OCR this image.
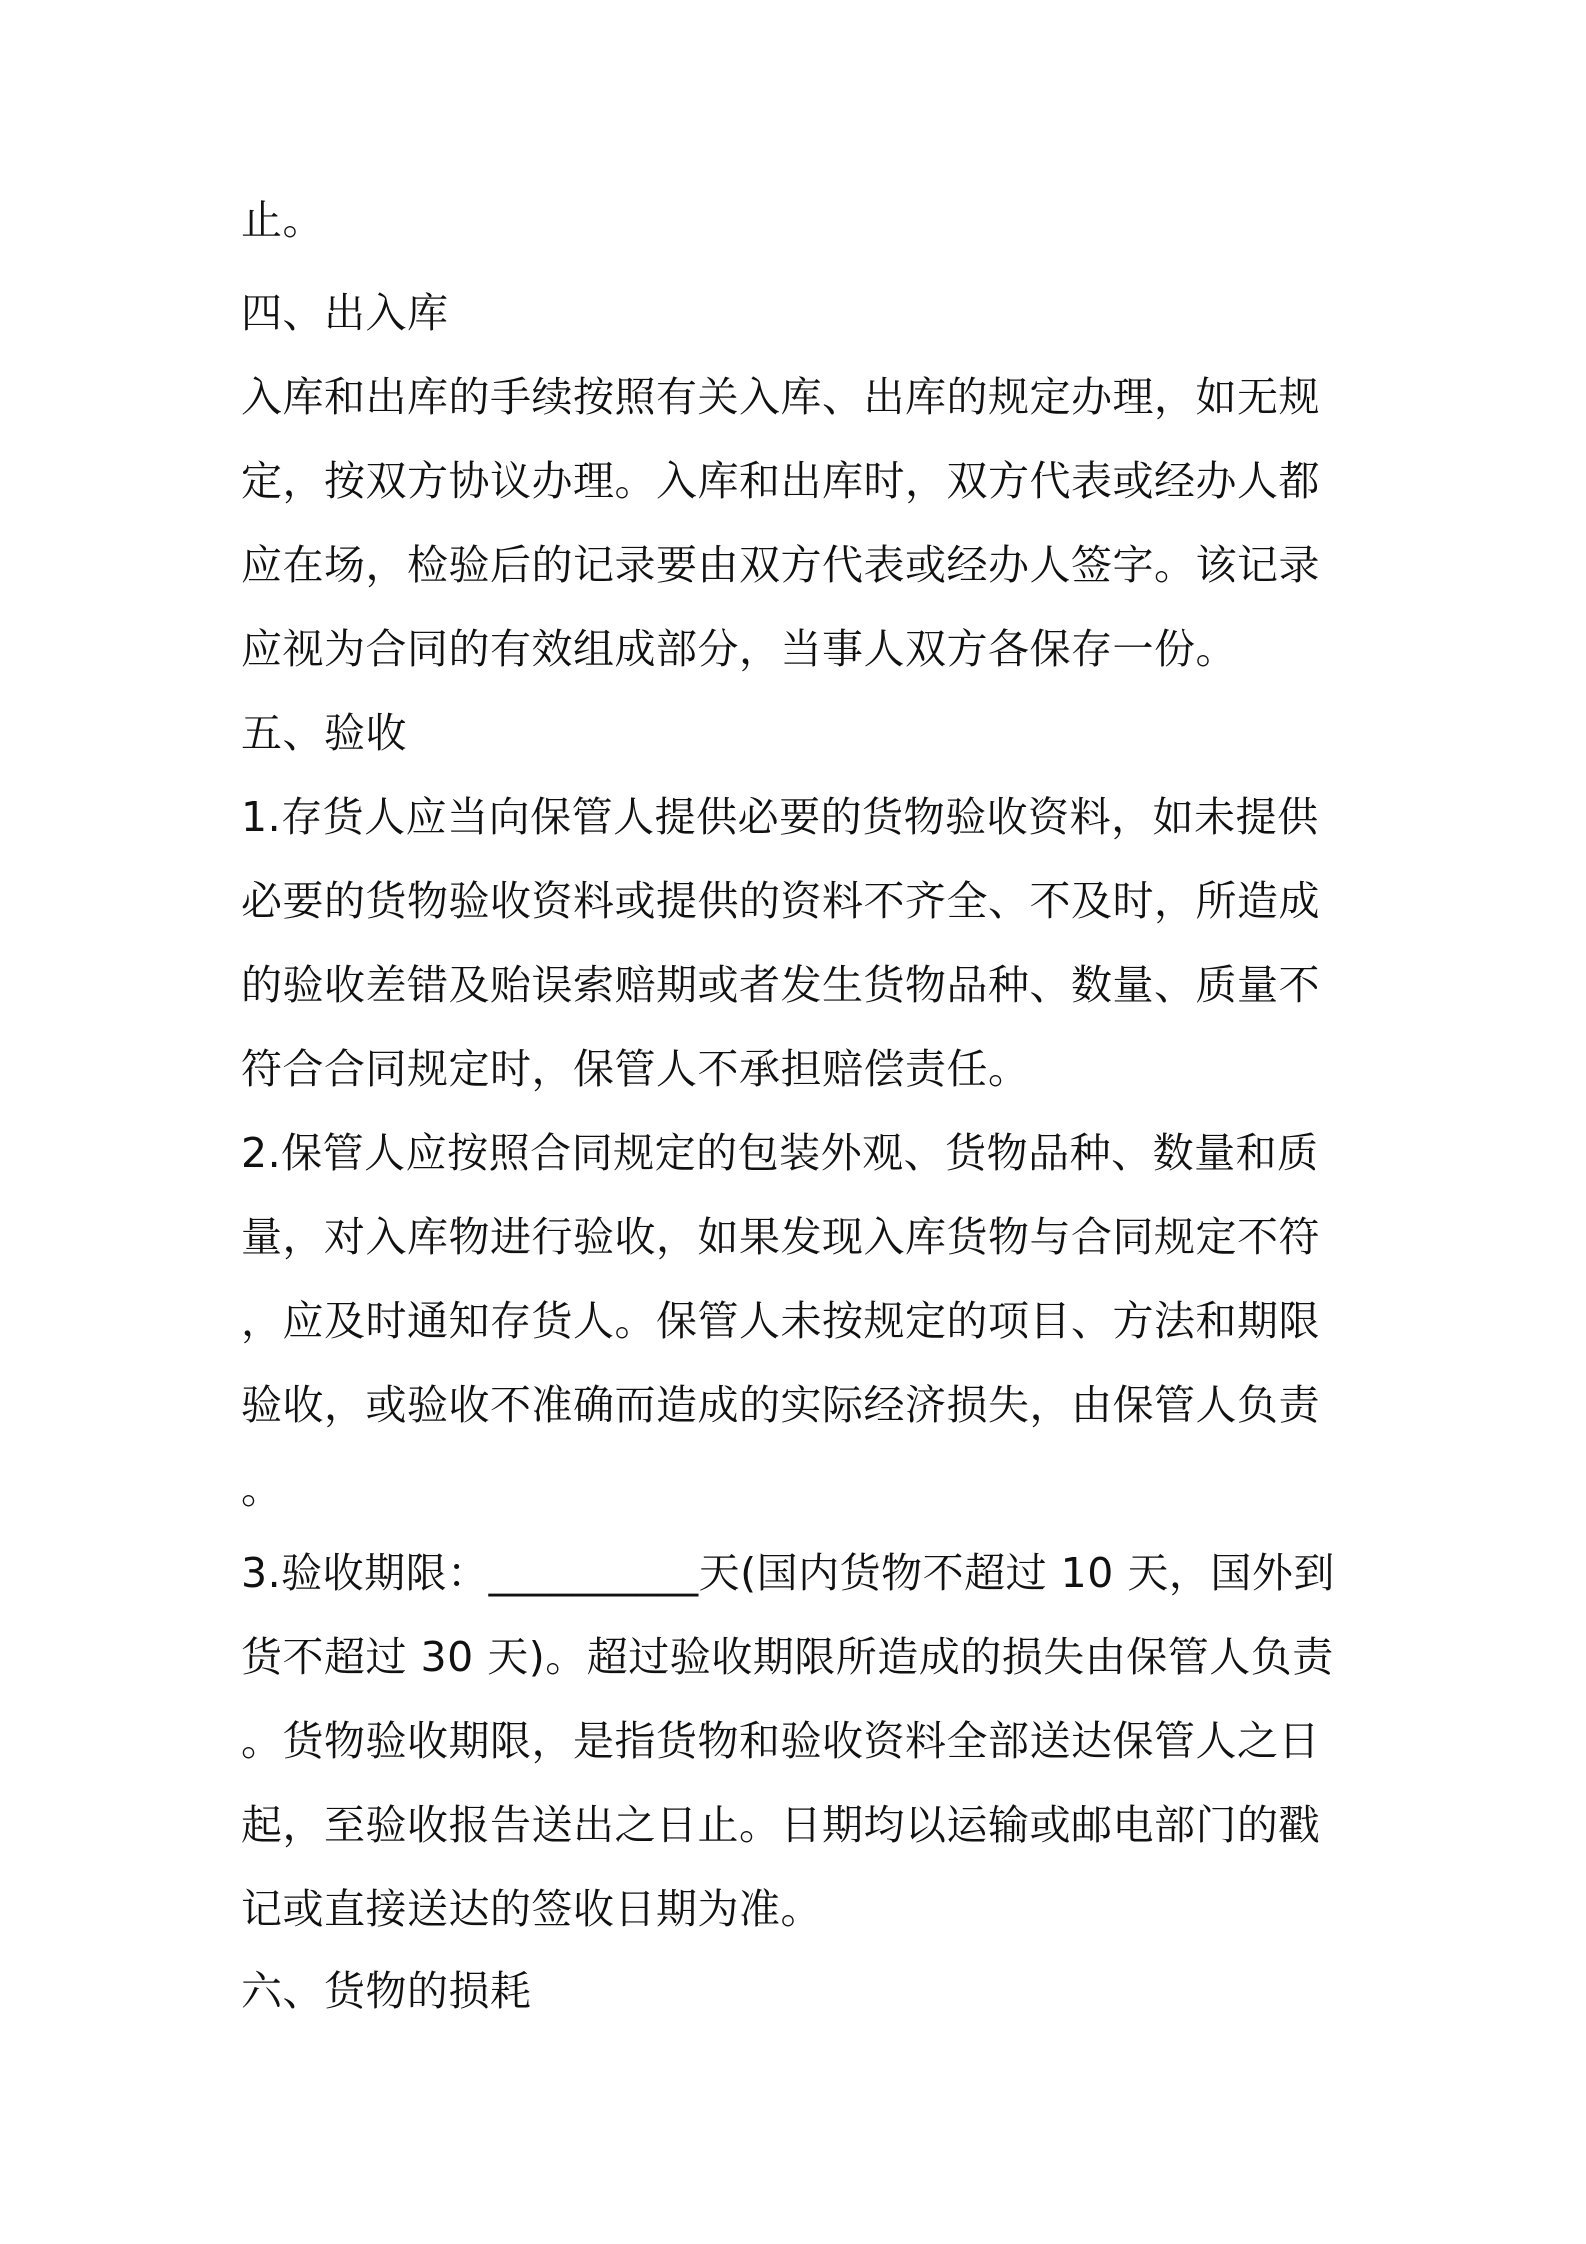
止。
四、出入库
入库和出库的手续按照有关入库、出库的规定办理，如无规
定，按双方协议办理。入库和出库时，双方代表或经办人都
应在场，检验后的记录要由双方代表或经办人签字。该记录
应视为合同的有效组成部分，当事人双方各保存一份。
五、验收
1.存货人应当向保管人提供必要的货物验收资料，如未提供
必要的货物验收资料或提供的资料不齐全、不及时，所造成
的验收差错及贻误索赔期或者发生货物品种、数量、质量不
符合合同规定时，保管人不承担赔偿责任。
2.保管人应按照合同规定的包装外观、货物品种、数量和质
量，对入库物进行验收，如果发现入库货物与合同规定不符
，应及时通知存货人。保管人未按规定的项目、方法和期限
验收，或验收不准确而造成的实际经济损失，由保管人负责
。
3.验收期限：__________天(国内货物不超过 10 天，国外到
货不超过 30 天)。超过验收期限所造成的损失由保管人负责
。货物验收期限，是指货物和验收资料全部送达保管人之日
起，至验收报告送出之日止。日期均以运输或邮电部门的戳
记或直接送达的签收日期为准。
六、货物的损耗
